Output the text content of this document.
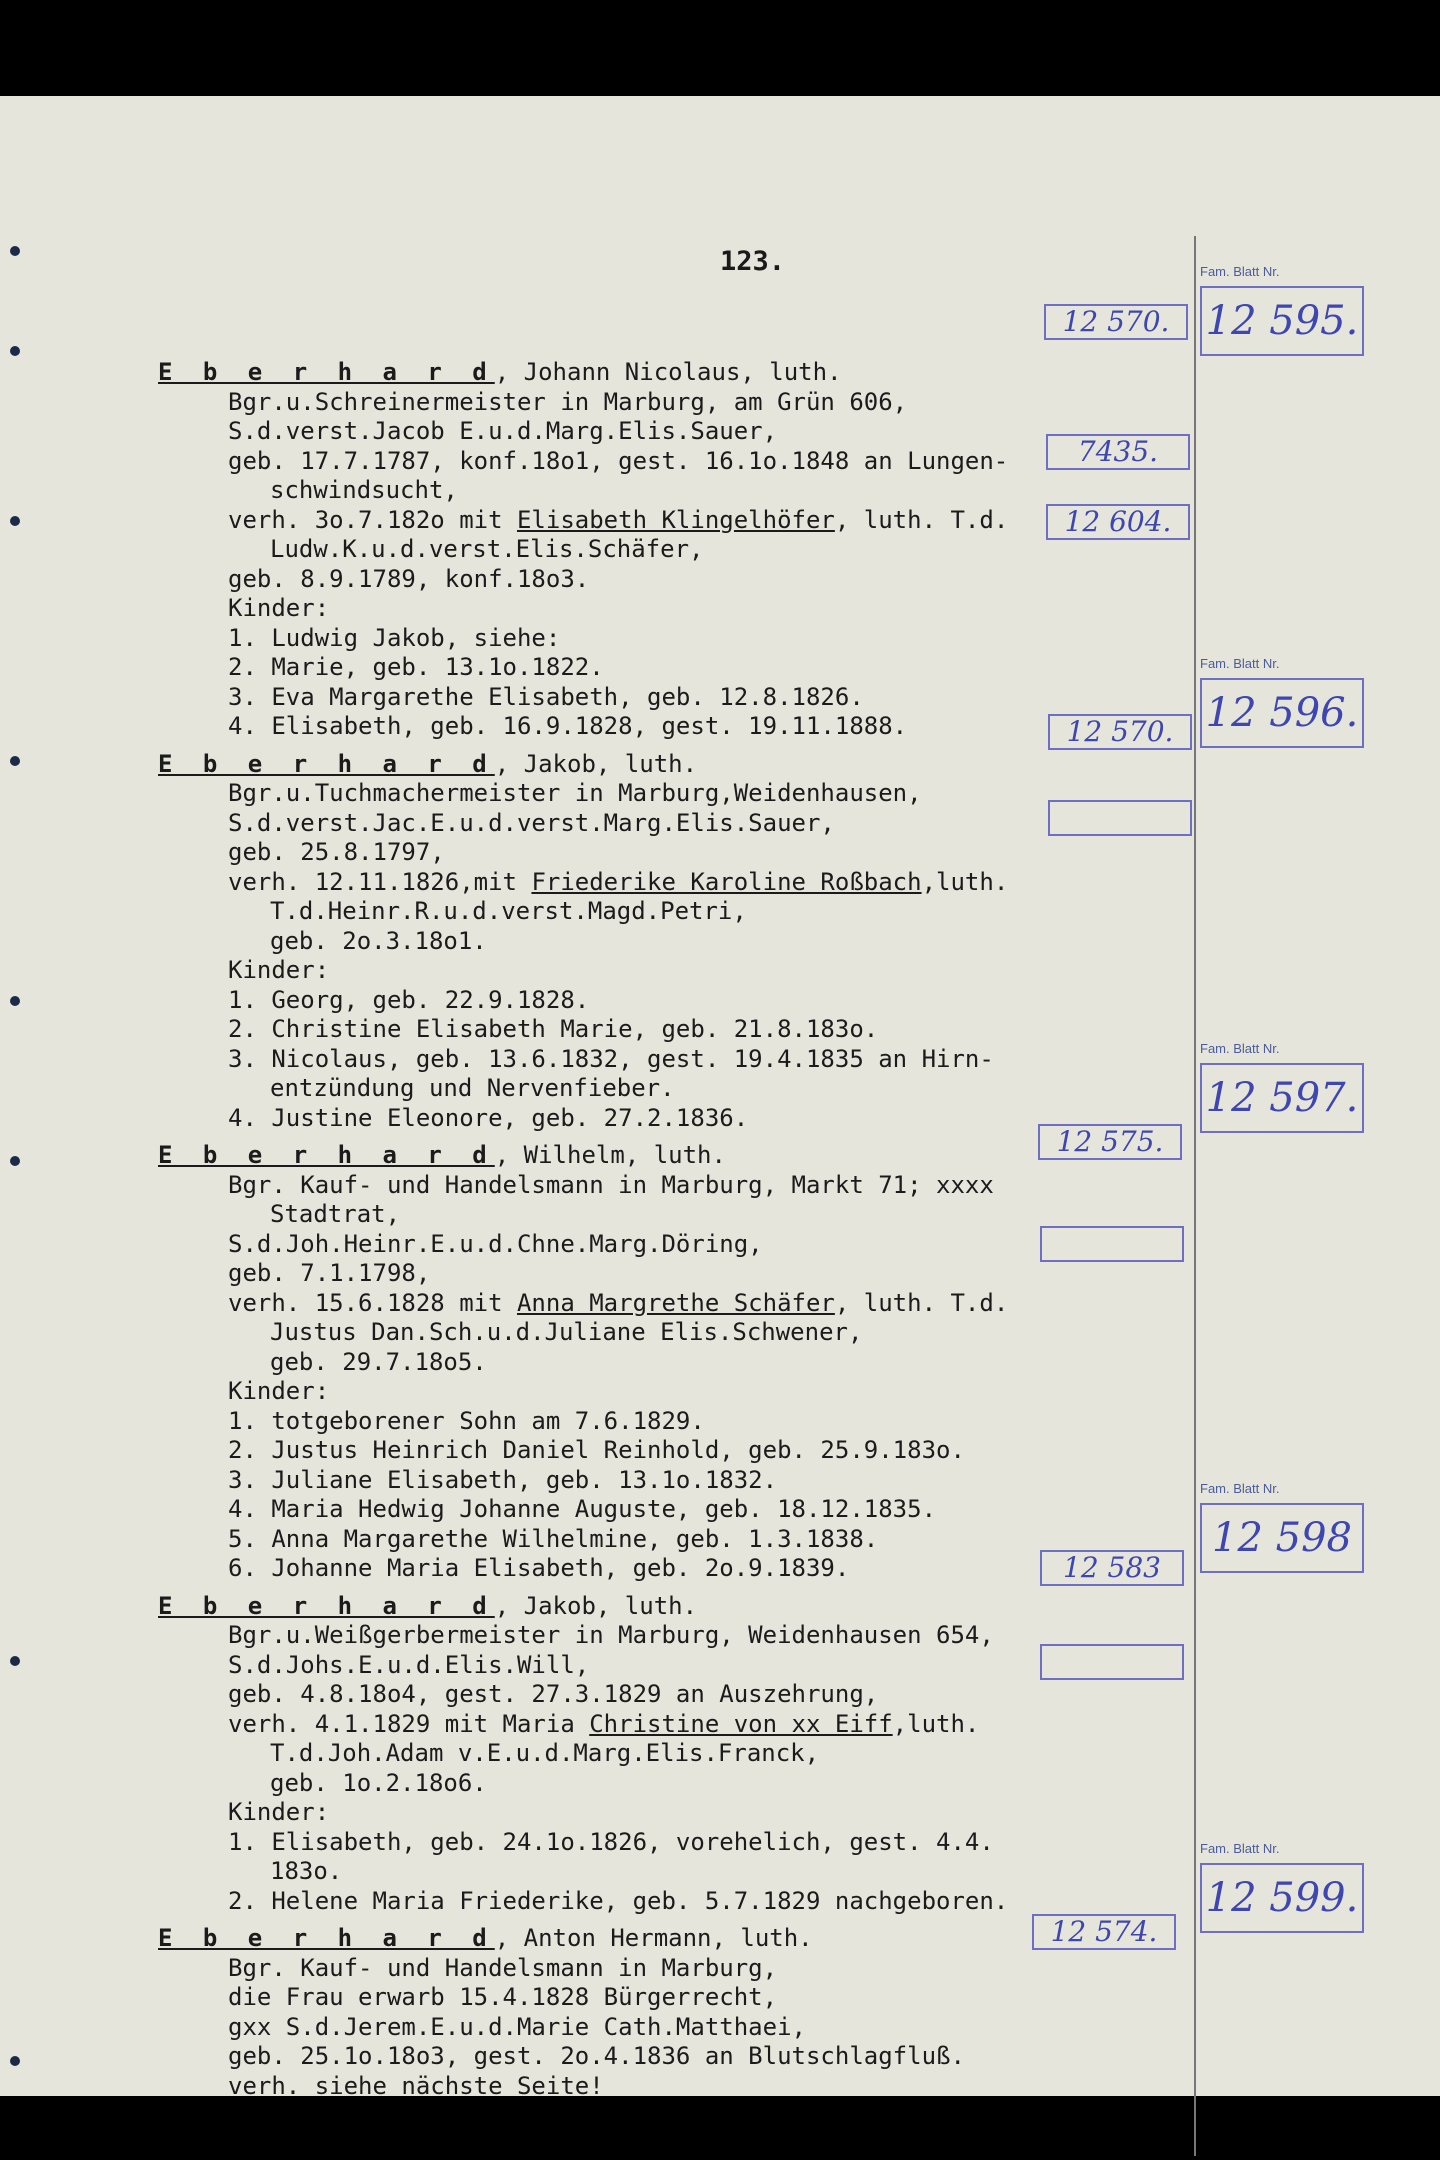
123.	Fam. Blatt Nr.
12 595.
Fam. Blatt Nr.
12 596.
Fam. Blatt Nr.
12 597.
Fam. Blatt Nr.
12 598
Fam. Blatt Nr.
12 599.
12 570.
7435.
12 604.
12 570.
12 575.
12 583
12 574.
E b e r h a r d, Johann Nicolaus, luth.
Bgr.u.Schreinermeister in Marburg, am Grün 606,
S.d.verst.Jacob E.u.d.Marg.Elis.Sauer,
geb. 17.7.1787, konf.18o1, gest. 16.1o.1848 an Lungen-
schwindsucht,
verh. 3o.7.182o mit Elisabeth Klingelhöfer, luth. T.d.
Ludw.K.u.d.verst.Elis.Schäfer,
geb. 8.9.1789, konf.18o3.
Kinder:
1. Ludwig Jakob, siehe:
2. Marie, geb. 13.1o.1822.
3. Eva Margarethe Elisabeth, geb. 12.8.1826.
4. Elisabeth, geb. 16.9.1828, gest. 19.11.1888.
E b e r h a r d, Jakob, luth.
Bgr.u.Tuchmachermeister in Marburg,Weidenhausen,
S.d.verst.Jac.E.u.d.verst.Marg.Elis.Sauer,
geb. 25.8.1797,
verh. 12.11.1826,mit Friederike Karoline Roßbach,luth.
T.d.Heinr.R.u.d.verst.Magd.Petri,
geb. 2o.3.18o1.
Kinder:
1. Georg, geb. 22.9.1828.
2. Christine Elisabeth Marie, geb. 21.8.183o.
3. Nicolaus, geb. 13.6.1832, gest. 19.4.1835 an Hirn-
entzündung und Nervenfieber.
4. Justine Eleonore, geb. 27.2.1836.
E b e r h a r d, Wilhelm, luth.
Bgr. Kauf- und Handelsmann in Marburg, Markt 71; xxxx
Stadtrat,
S.d.Joh.Heinr.E.u.d.Chne.Marg.Döring,
geb. 7.1.1798,
verh. 15.6.1828 mit Anna Margrethe Schäfer, luth. T.d.
Justus Dan.Sch.u.d.Juliane Elis.Schwener,
geb. 29.7.18o5.
Kinder:
1. totgeborener Sohn am 7.6.1829.
2. Justus Heinrich Daniel Reinhold, geb. 25.9.183o.
3. Juliane Elisabeth, geb. 13.1o.1832.
4. Maria Hedwig Johanne Auguste, geb. 18.12.1835.
5. Anna Margarethe Wilhelmine, geb. 1.3.1838.
6. Johanne Maria Elisabeth, geb. 2o.9.1839.
E b e r h a r d, Jakob, luth.
Bgr.u.Weißgerbermeister in Marburg, Weidenhausen 654,
S.d.Johs.E.u.d.Elis.Will,
geb. 4.8.18o4, gest. 27.3.1829 an Auszehrung,
verh. 4.1.1829 mit Maria Christine von xx Eiff,luth.
T.d.Joh.Adam v.E.u.d.Marg.Elis.Franck,
geb. 1o.2.18o6.
Kinder:
1. Elisabeth, geb. 24.1o.1826, vorehelich, gest. 4.4.
183o.
2. Helene Maria Friederike, geb. 5.7.1829 nachgeboren.
E b e r h a r d, Anton Hermann, luth.
Bgr. Kauf- und Handelsmann in Marburg,
die Frau erwarb 15.4.1828 Bürgerrecht,
gxx S.d.Jerem.E.u.d.Marie Cath.Matthaei,
geb. 25.1o.18o3, gest. 2o.4.1836 an Blutschlagfluß.
verh. siehe nächste Seite!
